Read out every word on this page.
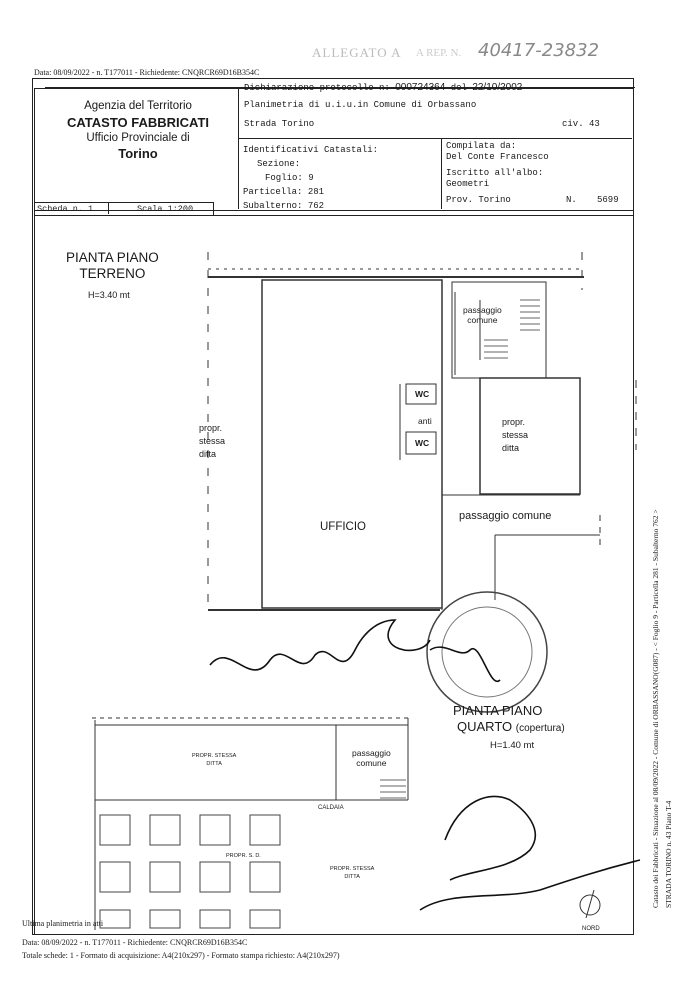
ALLEGATO A A REP. N. 40417-23832
Data: 08/09/2022 - n. T177011 - Richiedente: CNQRCR69D16B354C
Agenzia del Territorio
CATASTO FABBRICATI
Ufficio Provinciale di
Torino
Dichiarazione protocollo n: 000724364 del 22/10/2002
Planimetria di u.i.u.in Comune di Orbassano
Strada Torino	civ. 43
Identificativi Catastali:
Sezione:
Foglio: 9
Particella: 281
Subalterno: 762
Compilata da:
Del Conte Francesco
Iscritto all'albo:
Geometri
Prov. Torino	N. 5699
Scheda n. 1	Scala 1:200
PIANTA PIANO
TERRENO
H=3.40 mt
passaggio
comune
WC
anti
WC
propr.
stessa
ditta
propr.
stessa
ditta
UFFICIO
passaggio comune
PIANTA PIANO
QUARTO (copertura)
H=1.40 mt
PROPR. STESSA
DITTA
passaggio
comune
CALDAIA
PROPR. S. D.
PROPR. STESSA
DITTA
NORD
Catasto dei Fabbricati - Situazione al 08/09/2022 - Comune di ORBASSANO(G087) - < Foglio 9 - Particella 281 - Subalterno 762 > STRADA TORINO n. 43 Piano T-4
Ultima planimetria in atti
Data: 08/09/2022 - n. T177011 - Richiedente: CNQRCR69D16B354C
Totale schede: 1 - Formato di acquisizione: A4(210x297) - Formato stampa richiesto: A4(210x297)
